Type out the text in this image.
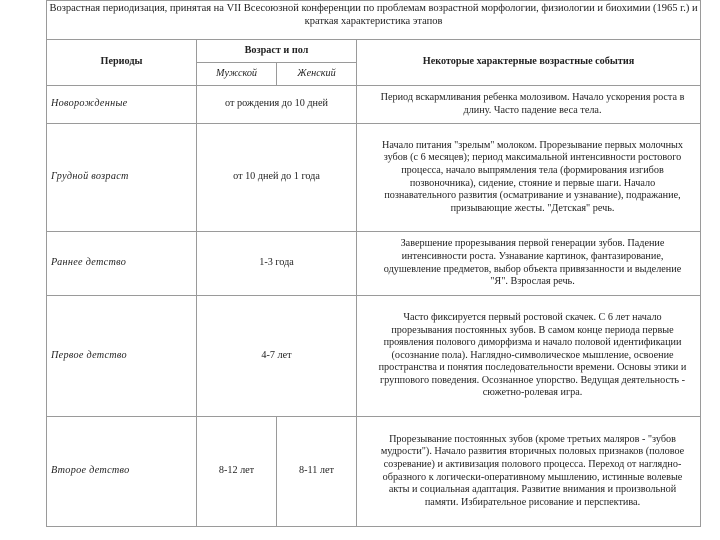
Возрастная периодизация, принятая на VII Всесоюзной конференции по проблемам возрастной морфологии, физиологии и биохимии (1965 г.) и краткая характеристика этапов			
Периоды	Возраст и пол		Некоторые характерные возрастные события
	Мужской	Женский	
Новорожденные	от рождения до 10 дней		Период вскармливания ребенка молозивом. Начало ускорения роста в длину. Часто падение веса тела.
Грудной возраст	от 10 дней до 1 года		Начало питания "зрелым" молоком. Прорезывание первых молочных зубов (с 6 месяцев); период максимальной интенсивности ростового процесса, начало выпрямления тела (формирования изгибов позвоночника), сидение, стояние и первые шаги. Начало познавательного развития (осматривание и узнавание), подражание, призывающие жесты. "Детская" речь.
Раннее детство	1-3 года		Завершение прорезывания первой генерации зубов. Падение интенсивности роста. Узнавание картинок, фантазирование, одушевление предметов, выбор объекта привязанности и выделение "Я". Взрослая речь.
Первое детство	4-7 лет		Часто фиксируется первый ростовой скачек. С 6 лет начало прорезывания постоянных зубов. В самом конце периода первые проявления полового диморфизма и начало половой идентификации (осознание пола). Наглядно-символическое мышление, освоение пространства и понятия последовательности времени. Основы этики и группового поведения. Осознанное упорство. Ведущая деятельность - сюжетно-ролевая игра.
Второе детство	8-12 лет	8-11 лет	Прорезывание постоянных зубов (кроме третьих маляров - "зубов мудрости"). Начало развития вторичных половых признаков (половое созревание) и активизация полового процесса. Переход от наглядно-образного к логически-оперативному мышлению, истинные волевые акты и социальная адаптация. Развитие внимания и произвольной памяти. Избирательное рисование и перспектива.
